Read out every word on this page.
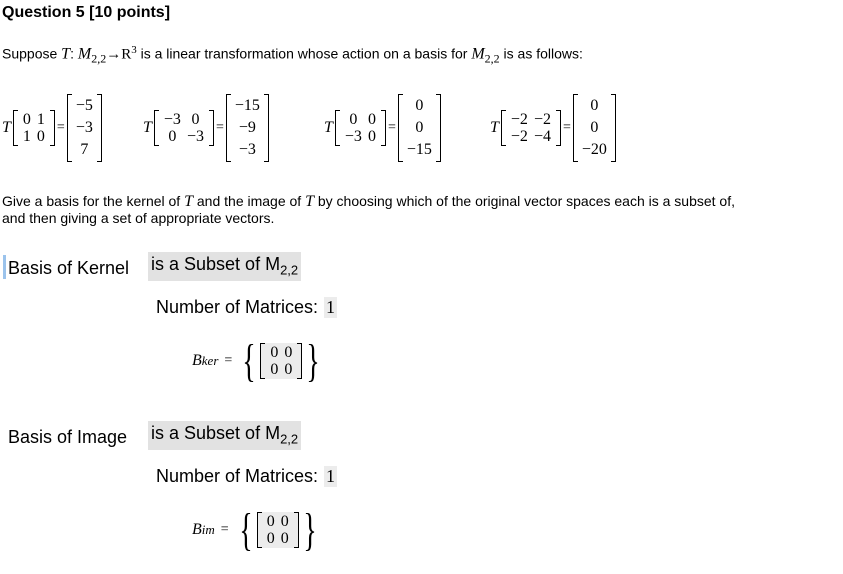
Question 5 [10 points]
Suppose T: $M_{2,2}\to R^3$ is a linear transformation whose action on a basis for $M_{2,2}$ is as follows:
T 0	1
1	0
=
−5
−3
7
T −3	0
0	−3
=
−15
−9
−3
T 0	0
−3	0
=
0
0
−15
T −2	−2
−2	−4
=
0
0
−20
Give a basis for the kernel of T and the image of T by choosing which of the original vector spaces each is a subset of,
and then giving a set of appropriate vectors.
Basis of Kernel is a Subset of $M_{2,2}$
Number of Matrices: 1
B ker = { 0	0
0	0 }
Basis of Image is a Subset of $M_{2,2}$
Number of Matrices: 1
B im = { 0	0
0	0 }
